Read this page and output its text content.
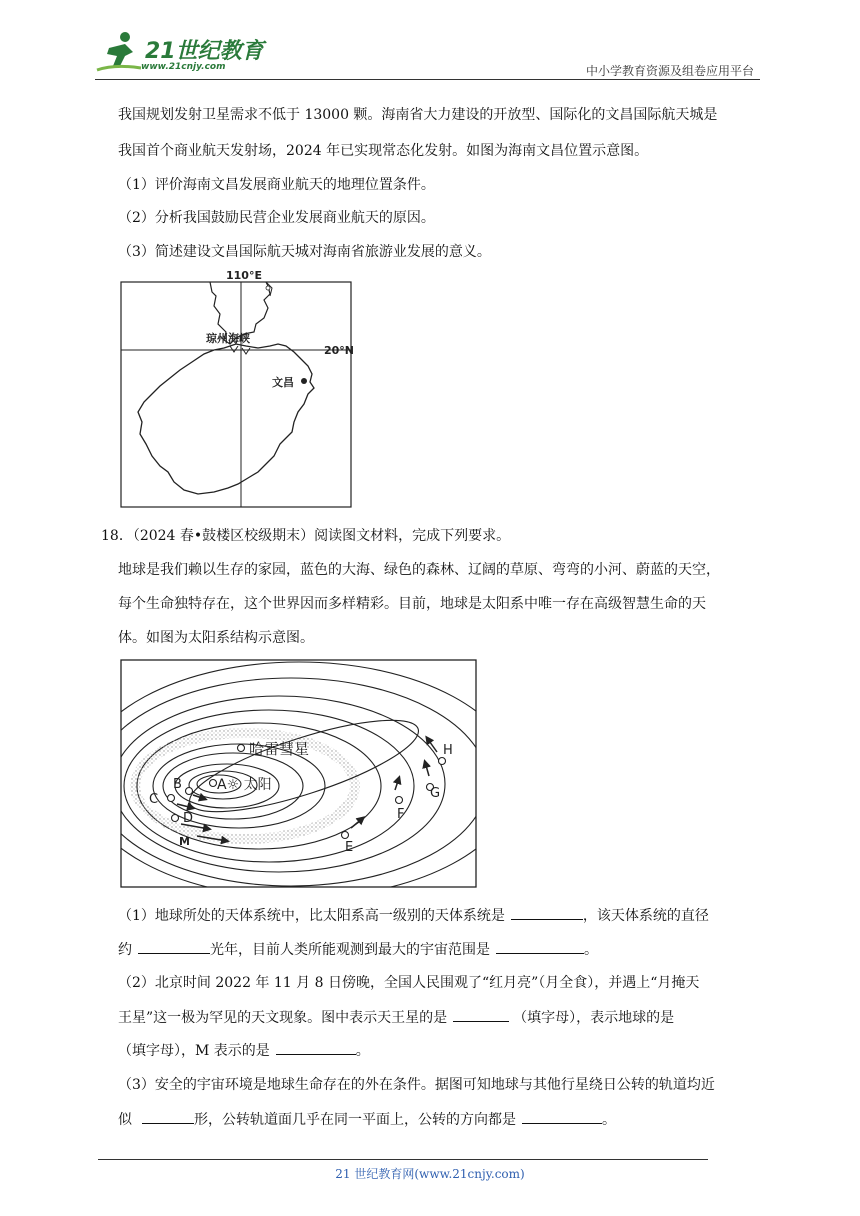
21世纪教育
www.21cnjy.com	中小学教育资源及组卷应用平台
我国规划发射卫星需求不低于 13000 颗。海南省大力建设的开放型、国际化的文昌国际航天城是
我国首个商业航天发射场，2024 年已实现常态化发射。如图为海南文昌位置示意图。
（1）评价海南文昌发展商业航天的地理位置条件。
（2）分析我国鼓励民营企业发展商业航天的原因。
（3）简述建设文昌国际航天城对海南省旅游业发展的意义。
110°E
20°N
琼州海峡
文昌
18．（2024 春•鼓楼区校级期末）阅读图文材料，完成下列要求。
地球是我们赖以生存的家园，蓝色的大海、绿色的森林、辽阔的草原、弯弯的小河、蔚蓝的天空，
每个生命独特存在，这个世界因而多样精彩。目前，地球是太阳系中唯一存在高级智慧生命的天
体。如图为太阳系结构示意图。
A☼ 太阳
哈雷彗星
B
C
D
M	E
F
G
H
（1）地球所处的天体系统中，比太阳系高一级别的天体系统是	，该天体系统的直径
约	光年，目前人类所能观测到最大的宇宙范围是	。
（2）北京时间 2022 年 11 月 8 日傍晚，全国人民围观了“红月亮”（月全食），并遇上“月掩天
王星”这一极为罕见的天文现象。图中表示天王星的是	（填字母），表示地球的是
（填字母），M 表示的是	。
（3）安全的宇宙环境是地球生命存在的外在条件。据图可知地球与其他行星绕日公转的轨道均近
似	形，公转轨道面几乎在同一平面上，公转的方向都是	。
21 世纪教育网(www.21cnjy.com)
